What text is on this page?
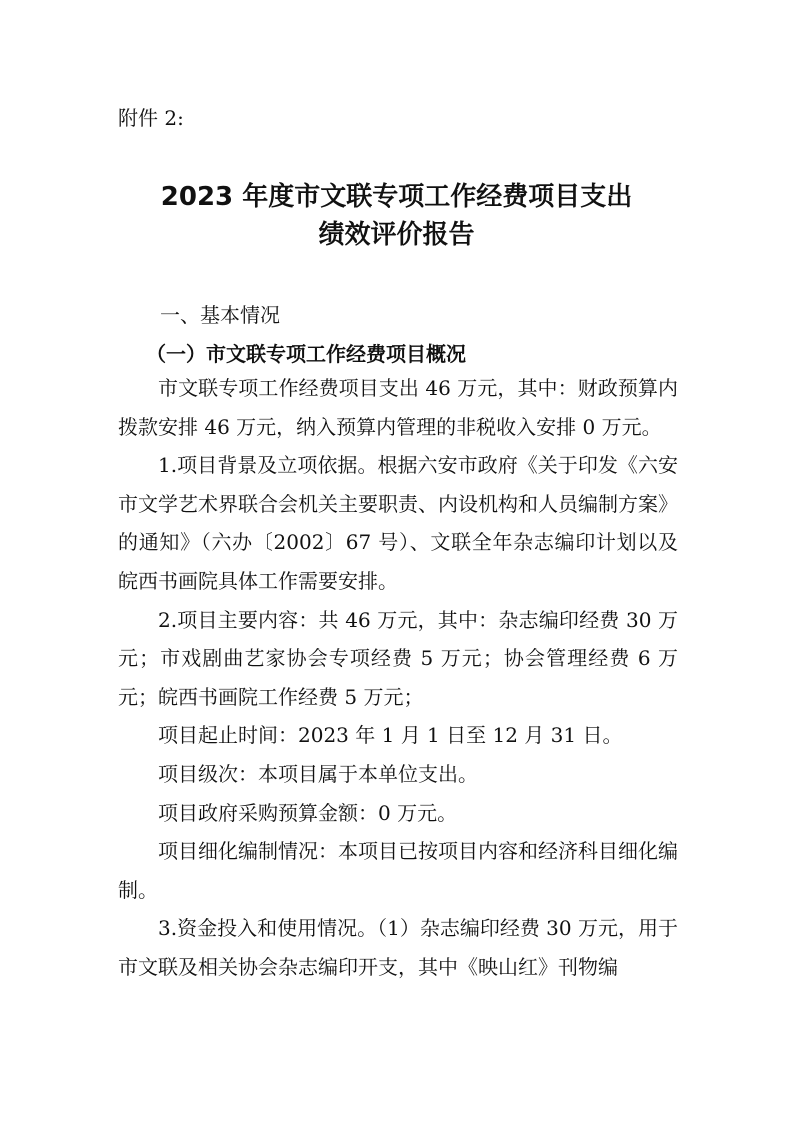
附件 2:
2023 年度市文联专项工作经费项目支出
绩效评价报告
一、基本情况
（一）市文联专项工作经费项目概况

市文联专项工作经费项目支出 46 万元，其中：财政预算内拨款安排 46 万元，纳入预算内管理的非税收入安排 0 万元。

1.项目背景及立项依据。根据六安市政府《关于印发《六安市文学艺术界联合会机关主要职责、内设机构和人员编制方案》的通知》（六办〔2002〕67 号）、文联全年杂志编印计划以及皖西书画院具体工作需要安排。

2.项目主要内容：共 46 万元，其中：杂志编印经费 30 万元；市戏剧曲艺家协会专项经费 5 万元；协会管理经费 6 万元；皖西书画院工作经费 5 万元；

项目起止时间：2023 年 1 月 1 日至 12 月 31 日。

项目级次：本项目属于本单位支出。

项目政府采购预算金额：0 万元。

项目细化编制情况：本项目已按项目内容和经济科目细化编制。

3.资金投入和使用情况。（1）杂志编印经费 30 万元，用于市文联及相关协会杂志编印开支，其中《映山红》刊物编
